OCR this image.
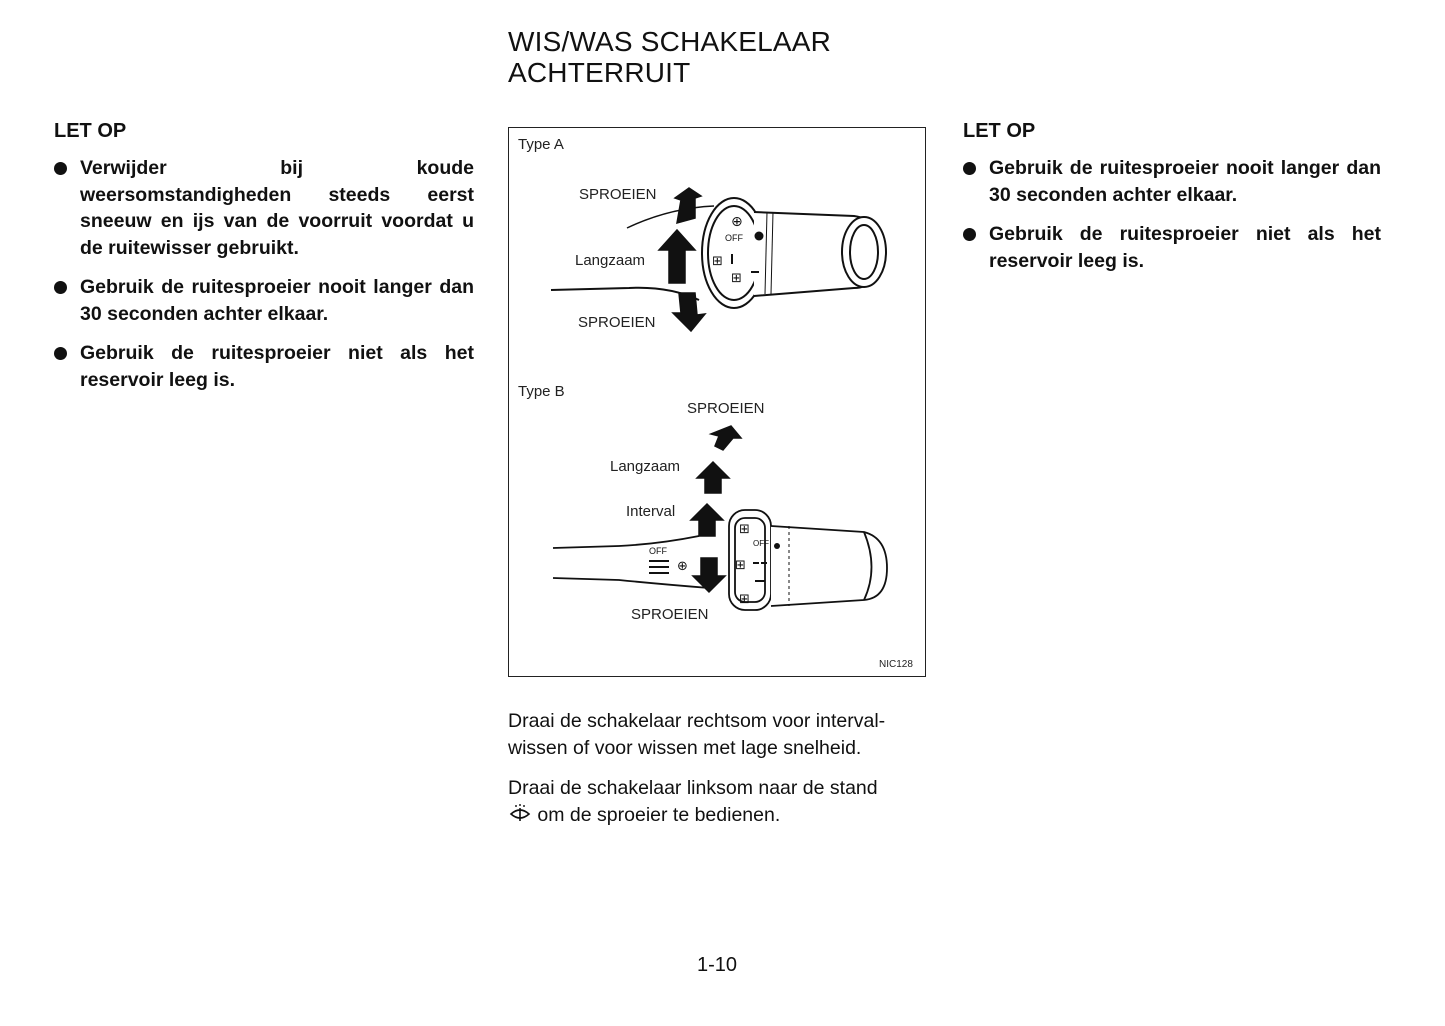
WIS/WAS SCHAKELAAR
ACHTERRUIT
LET OP
Verwijder bij koude weersomstandigheden steeds eerst sneeuw en ijs van de voorruit voordat u de ruitewisser gebruikt.
Gebruik de ruitesproeier nooit langer dan 30 seconden achter elkaar.
Gebruik de ruitesproeier niet als het reservoir leeg is.
LET OP
Gebruik de ruitesproeier nooit langer dan 30 seconden achter elkaar.
Gebruik de ruitesproeier niet als het reservoir leeg is.
⊕
OFF
⊞
⊞
⊞
OFF
⊞
⊞
OFF
⊕
Type A
SPROEIEN
Langzaam
SPROEIEN
Type B
SPROEIEN
Langzaam
Interval
SPROEIEN
NIC128
Draai de schakelaar rechtsom voor interval-wissen of voor wissen met lage snelheid.
Draai de schakelaar linksom naar de stand
om de sproeier te bedienen.
1-10
